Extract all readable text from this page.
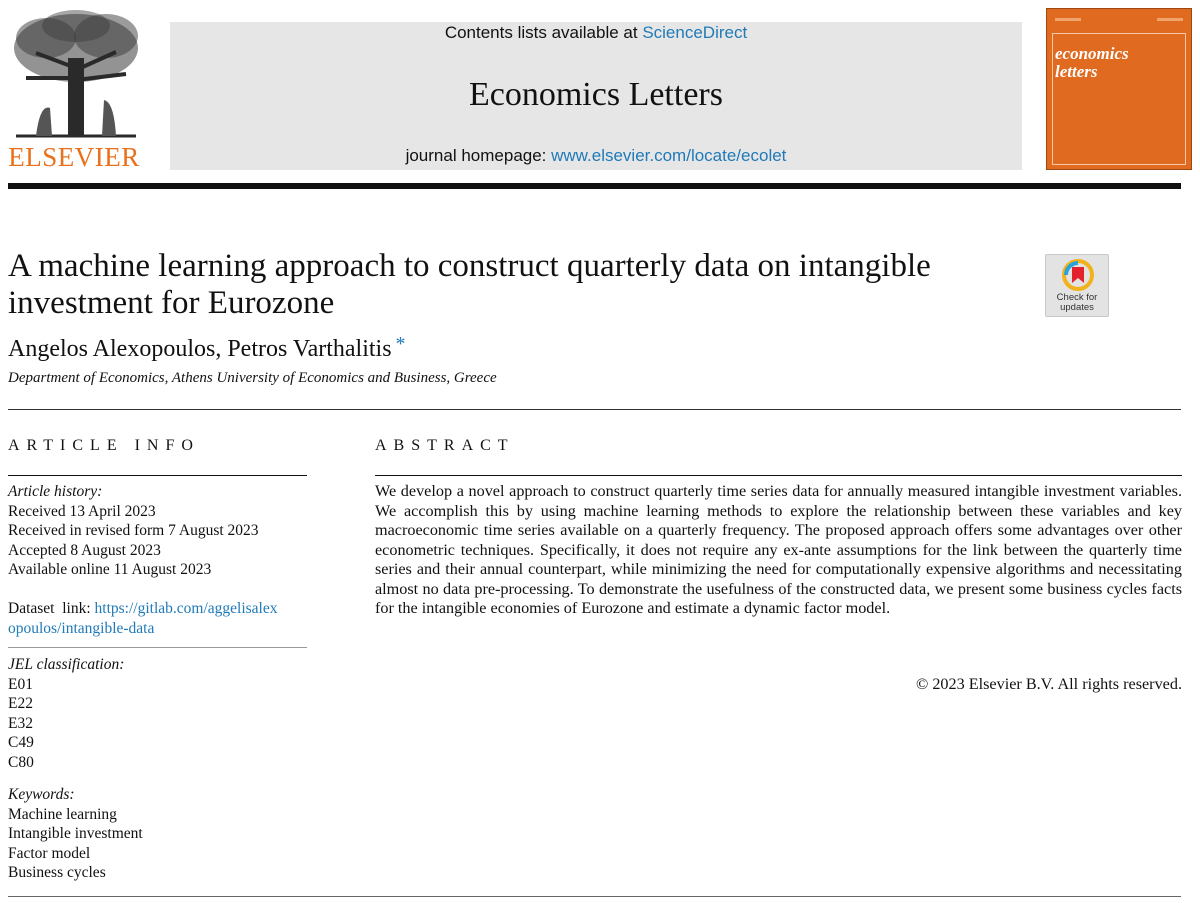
ELSEVIER
Contents lists available at ScienceDirect
Economics Letters
journal homepage: www.elsevier.com/locate/ecolet
economics
letters
A machine learning approach to construct quarterly data on intangible
investment for Eurozone	Check for
updates
Angelos Alexopoulos, Petros Varthalitis *
Department of Economics, Athens University of Economics and Business, Greece
ARTICLE INFO
Article history:
Received 13 April 2023
Received in revised form 7 August 2023
Accepted 8 August 2023
Available online 11 August 2023
Dataset  link: https://gitlab.com/aggelisalex
opoulos/intangible-data
JEL classification:
E01
E22
E32
C49
C80
Keywords:
Machine learning
Intangible investment
Factor model
Business cycles
ABSTRACT
We develop a novel approach to construct quarterly time series data for annually measured intangible investment variables. We accomplish this by using machine learning methods to explore the relationship between these variables and key macroeconomic time series available on a quarterly frequency. The proposed approach offers some advantages over other econometric techniques. Specifically, it does not require any ex-ante assumptions for the link between the quarterly time series and their annual counterpart, while minimizing the need for computationally expensive algorithms and necessitating almost no data pre-processing. To demonstrate the usefulness of the constructed data, we present some business cycles facts for the intangible economies of Eurozone and estimate a dynamic factor model.
© 2023 Elsevier B.V. All rights reserved.
